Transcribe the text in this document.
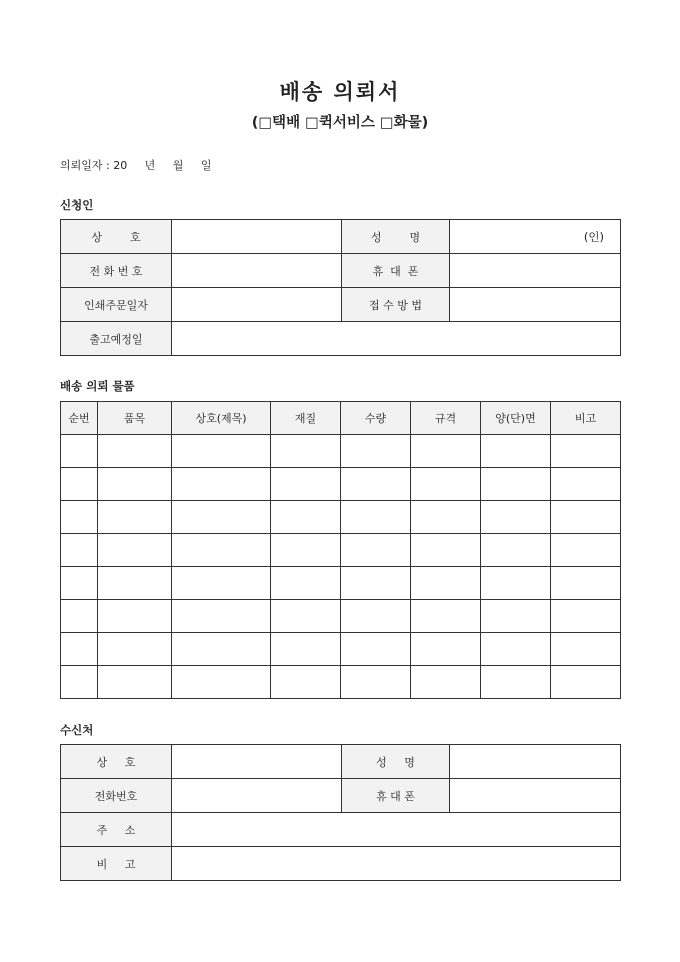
배송 의뢰서
(□택배 □퀵서비스 □화물)
의뢰일자 : 20     년     월     일
신청인
상        호		성        명	(인)
전 화 번 호		휴  대  폰	
인쇄주문일자		접 수 방 법	
출고예정일			
배송 의뢰 물품
순번	품목	상호(제목)	재질	수량	규격	양(단)면	비고

수신처
상     호		성     명	
전화번호		휴 대 폰	
주     소			
비     고			
